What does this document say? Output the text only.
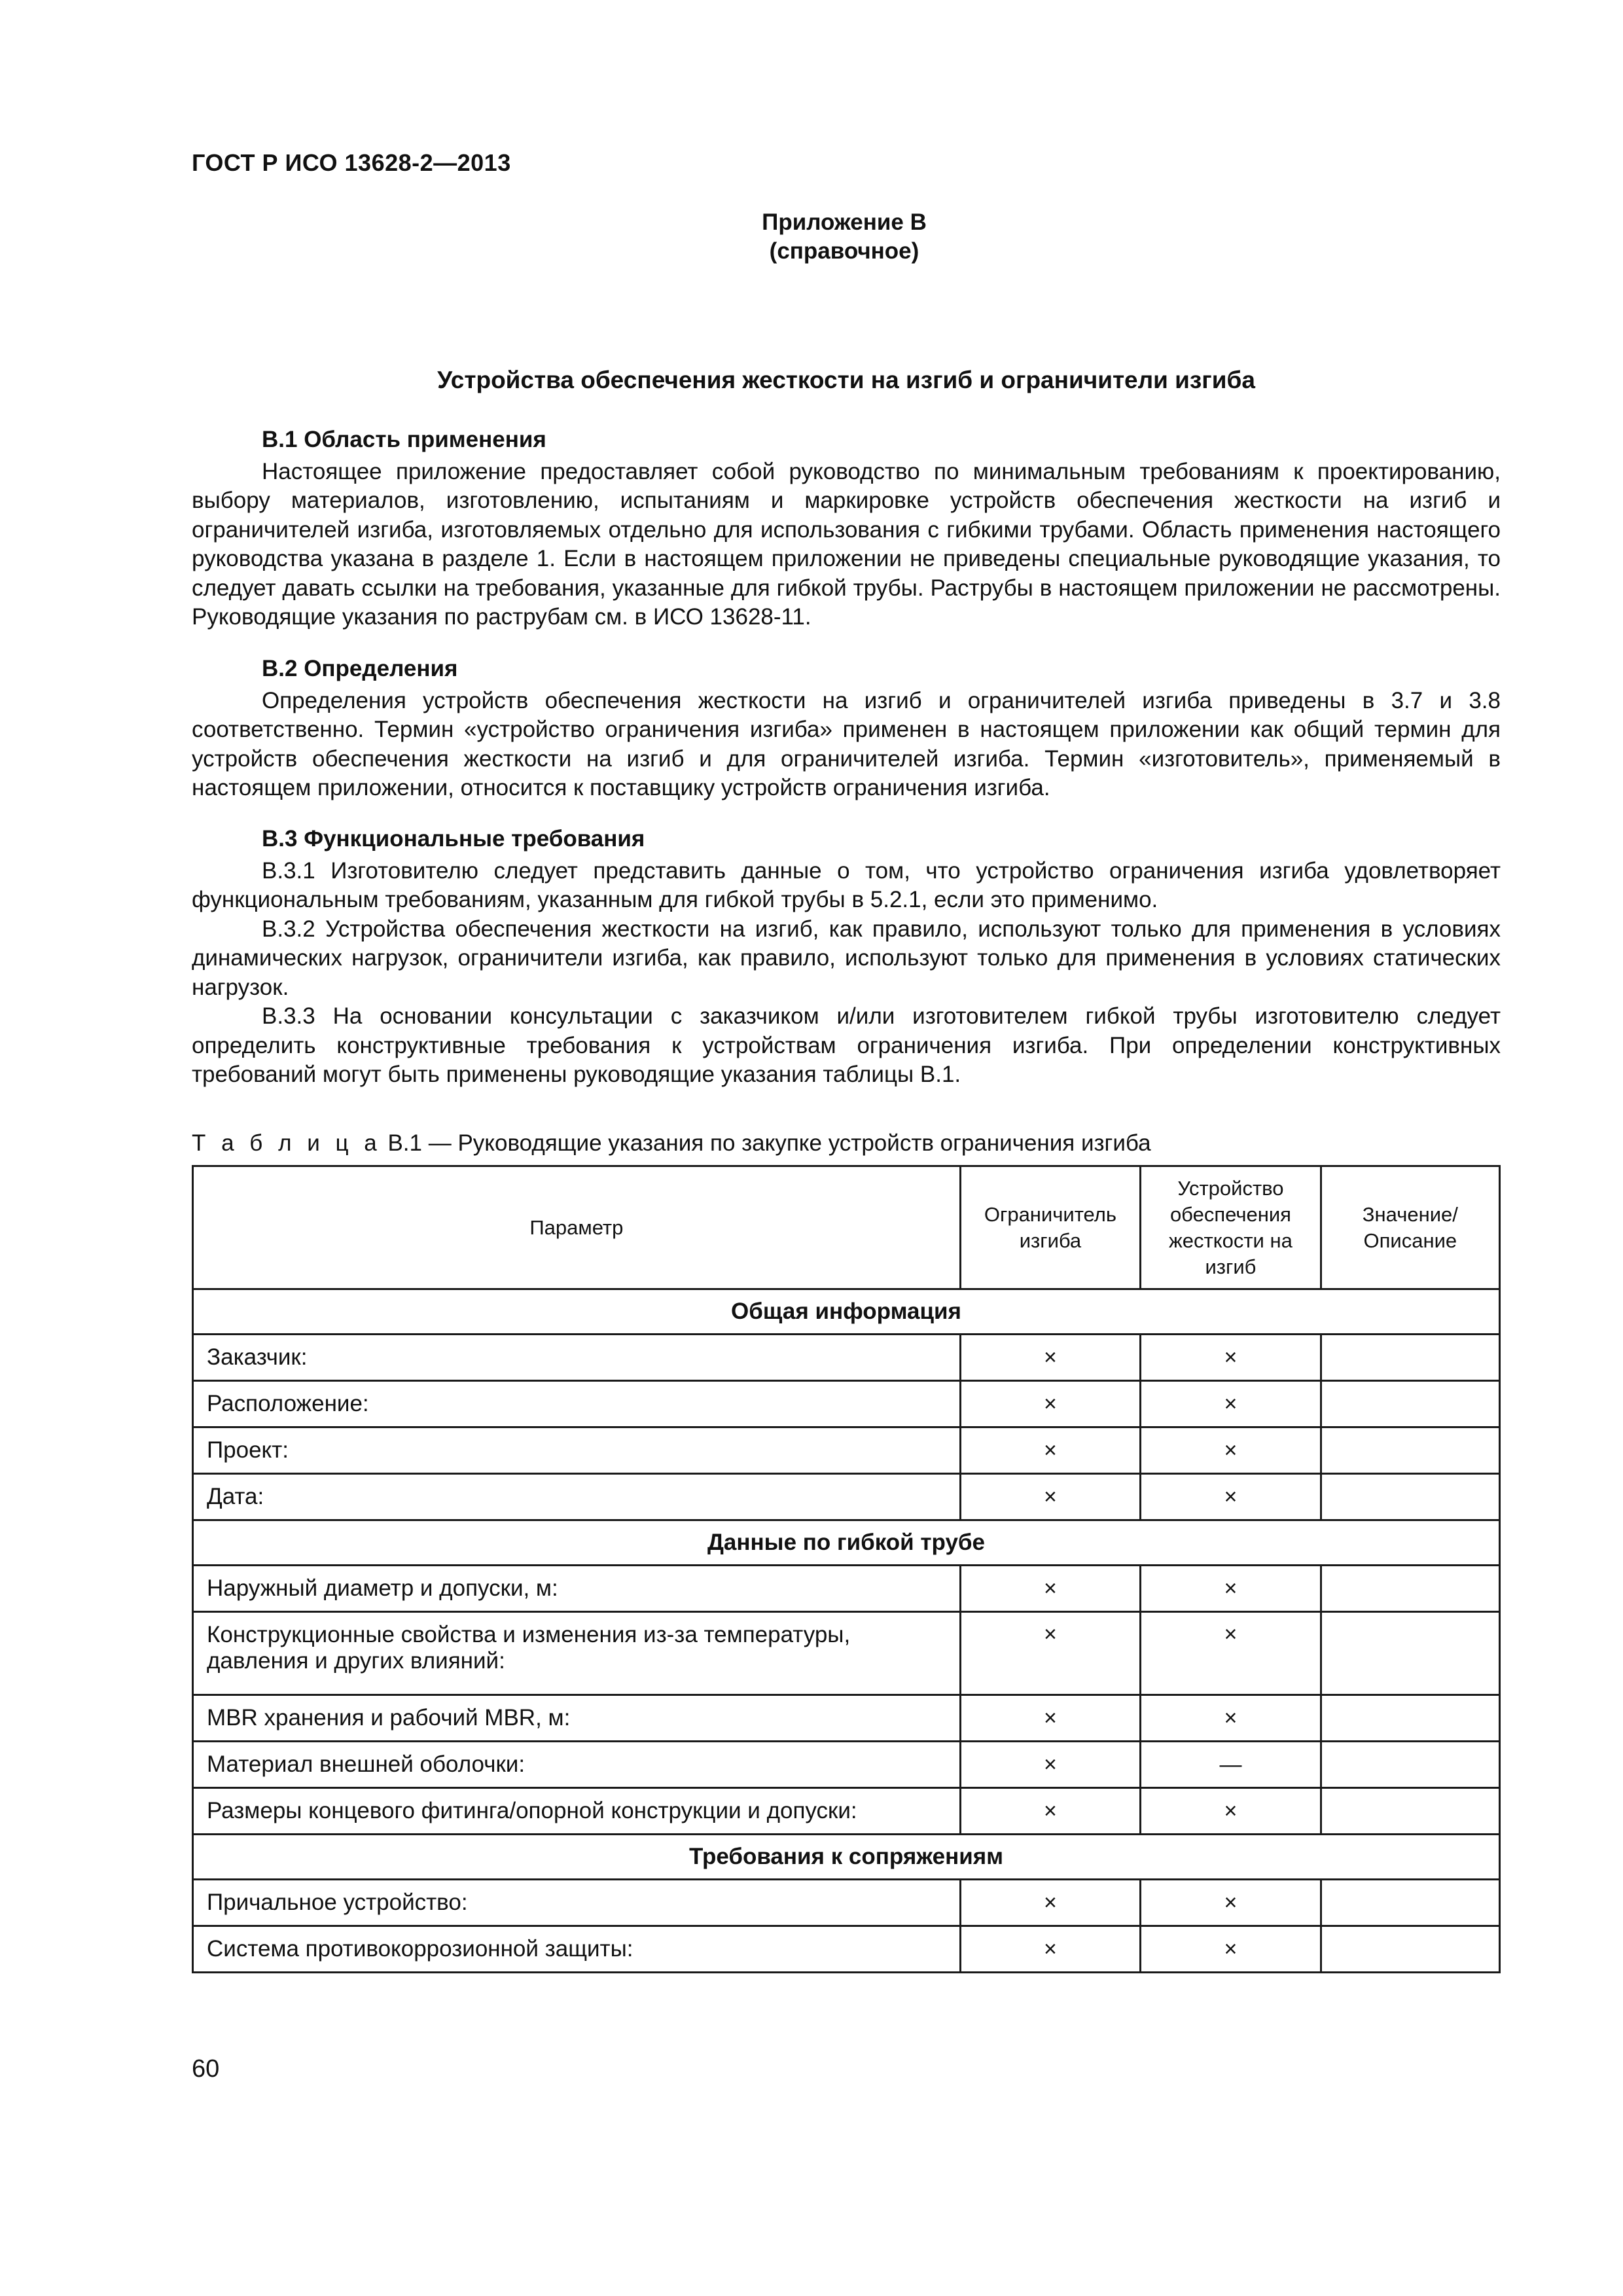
ГОСТ Р ИСО 13628-2—2013
Приложение В
(справочное)
Устройства обеспечения жесткости на изгиб и ограничители изгиба
В.1 Область применения
Настоящее приложение предоставляет собой руководство по минимальным требованиям к проектированию, выбору материалов, изготовлению, испытаниям и маркировке устройств обеспечения жесткости на изгиб и ограничителей изгиба, изготовляемых отдельно для использования с гибкими трубами. Область применения настоящего руководства указана в разделе 1. Если в настоящем приложении не приведены специальные руководящие указания, то следует давать ссылки на требования, указанные для гибкой трубы. Раструбы в настоящем приложении не рассмотрены. Руководящие указания по раструбам см. в ИСО 13628-11.
В.2 Определения
Определения устройств обеспечения жесткости на изгиб и ограничителей изгиба приведены в 3.7 и 3.8 соответственно. Термин «устройство ограничения изгиба» применен в настоящем приложении как общий термин для устройств обеспечения жесткости на изгиб и для ограничителей изгиба. Термин «изготовитель», применяемый в настоящем приложении, относится к поставщику устройств ограничения изгиба.
В.3 Функциональные требования
В.3.1 Изготовителю следует представить данные о том, что устройство ограничения изгиба удовлетворяет функциональным требованиям, указанным для гибкой трубы в 5.2.1, если это применимо.
В.3.2 Устройства обеспечения жесткости на изгиб, как правило, используют только для применения в условиях динамических нагрузок, ограничители изгиба, как правило, используют только для применения в условиях статических нагрузок.
В.3.3 На основании консультации с заказчиком и/или изготовителем гибкой трубы изготовителю следует определить конструктивные требования к устройствам ограничения изгиба. При определении конструктивных требований могут быть применены руководящие указания таблицы В.1.
Т а б л и ц а В.1 — Руководящие указания по закупке устройств ограничения изгиба
Параметр	Ограничитель изгиба	Устройство обеспечения жесткости на изгиб	Значение/ Описание
Общая информация			
Заказчик:	×	×	
Расположение:	×	×	
Проект:	×	×	
Дата:	×	×	
Данные по гибкой трубе			
Наружный диаметр и допуски, м:	×	×	
Конструкционные свойства и изменения из-за температуры, давления и других влияний:	×	×	
MBR хранения и рабочий MBR, м:	×	×	
Материал внешней оболочки:	×	—	
Размеры концевого фитинга/опорной конструкции и допуски:	×	×	
Требования к сопряжениям			
Причальное устройство:	×	×	
Система противокоррозионной защиты:	×	×	
60
